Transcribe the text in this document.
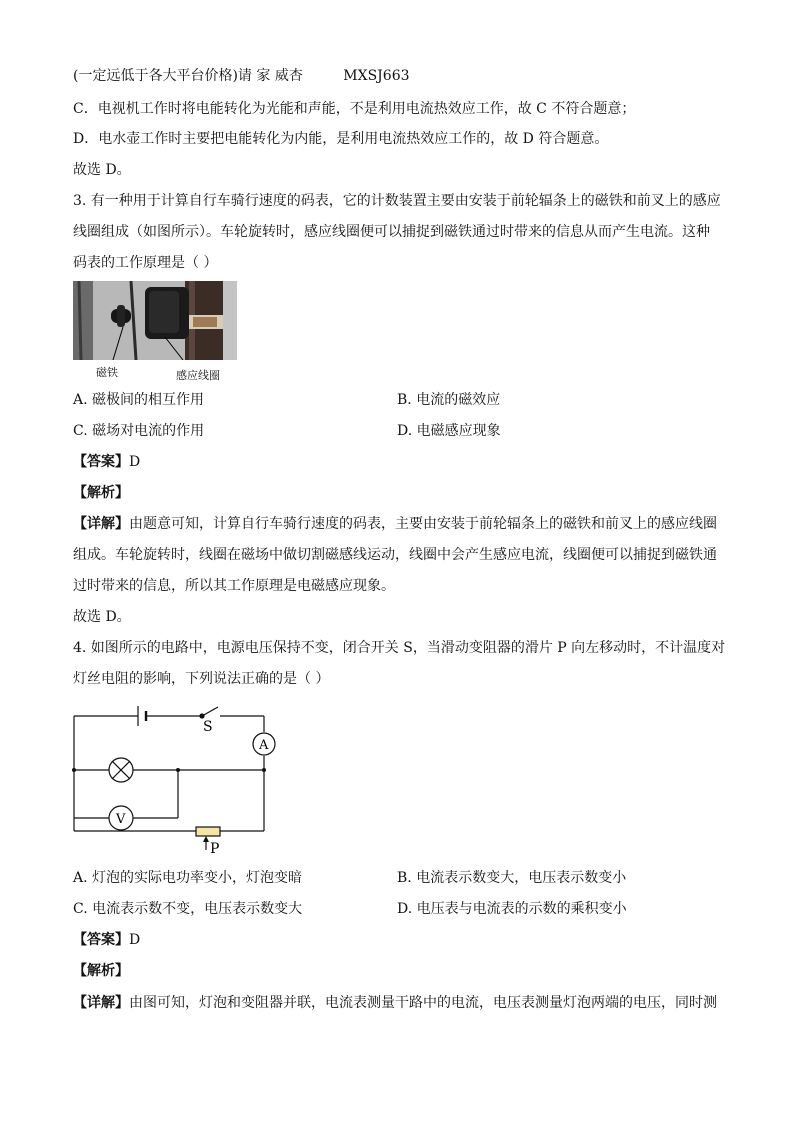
(一定远低于各大平台价格)请 家 威杏	MXSJ663
C．电视机工作时将电能转化为光能和声能，不是利用电流热效应工作，故 C 不符合题意；
D．电水壶工作时主要把电能转化为内能，是利用电流热效应工作的，故 D 符合题意。
故选 D。
3. 有一种用于计算自行车骑行速度的码表，它的计数装置主要由安装于前轮辐条上的磁铁和前叉上的感应
线圈组成（如图所示）。车轮旋转时，感应线圈便可以捕捉到磁铁通过时带来的信息从而产生电流。这种
码表的工作原理是（ ）
磁铁	感应线圈
A. 磁极间的相互作用	B. 电流的磁效应
C. 磁场对电流的作用	D. 电磁感应现象
【答案】D
【解析】
【详解】由题意可知，计算自行车骑行速度的码表，主要由安装于前轮辐条上的磁铁和前叉上的感应线圈
组成。车轮旋转时，线圈在磁场中做切割磁感线运动，线圈中会产生感应电流，线圈便可以捕捉到磁铁通
过时带来的信息，所以其工作原理是电磁感应现象。
故选 D。
4. 如图所示的电路中，电源电压保持不变，闭合开关 S，当滑动变阻器的滑片 P 向左移动时，不计温度对
灯丝电阻的影响，下列说法正确的是（ ）
S
A
V
P
A. 灯泡的实际电功率变小，灯泡变暗	B. 电流表示数变大，电压表示数变小
C. 电流表示数不变，电压表示数变大	D. 电压表与电流表的示数的乘积变小
【答案】D
【解析】
【详解】由图可知，灯泡和变阻器并联，电流表测量干路中的电流，电压表测量灯泡两端的电压，同时测
